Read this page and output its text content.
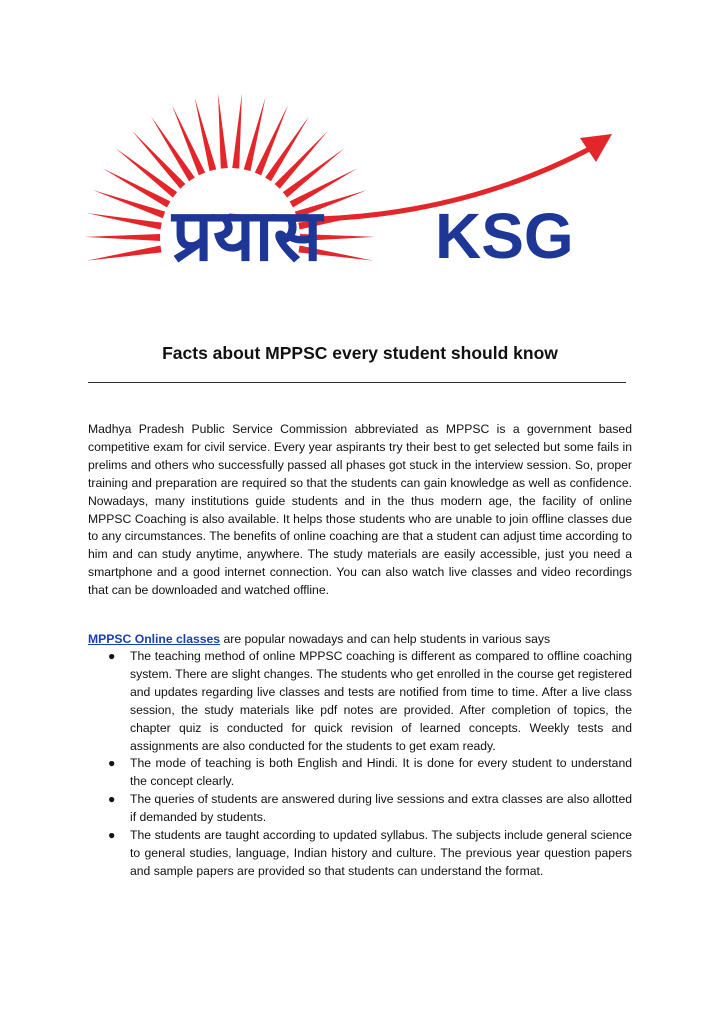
प्रयास KSG
Facts about MPPSC every student should know

Madhya Pradesh Public Service Commission abbreviated as MPPSC is a government based competitive exam for civil service. Every year aspirants try their best to get selected but some fails in prelims and others who successfully passed all phases got stuck in the interview session. So, proper training and preparation are required so that the students can gain knowledge as well as confidence. Nowadays, many institutions guide students and in the thus modern age, the facility of online MPPSC Coaching is also available. It helps those students who are unable to join offline classes due to any circumstances. The benefits of online coaching are that a student can adjust time according to him and can study anytime, anywhere. The study materials are easily accessible, just you need a smartphone and a good internet connection. You can also watch live classes and video recordings that can be downloaded and watched offline.

MPPSC Online classes are popular nowadays and can help students in various says

● The teaching method of online MPPSC coaching is different as compared to offline coaching system. There are slight changes. The students who get enrolled in the course get registered and updates regarding live classes and tests are notified from time to time. After a live class session, the study materials like pdf notes are provided. After completion of topics, the chapter quiz is conducted for quick revision of learned concepts. Weekly tests and assignments are also conducted for the students to get exam ready.
● The mode of teaching is both English and Hindi. It is done for every student to understand the concept clearly.
● The queries of students are answered during live sessions and extra classes are also allotted if demanded by students.
● The students are taught according to updated syllabus. The subjects include general science to general studies, language, Indian history and culture. The previous year question papers and sample papers are provided so that students can understand the format.
